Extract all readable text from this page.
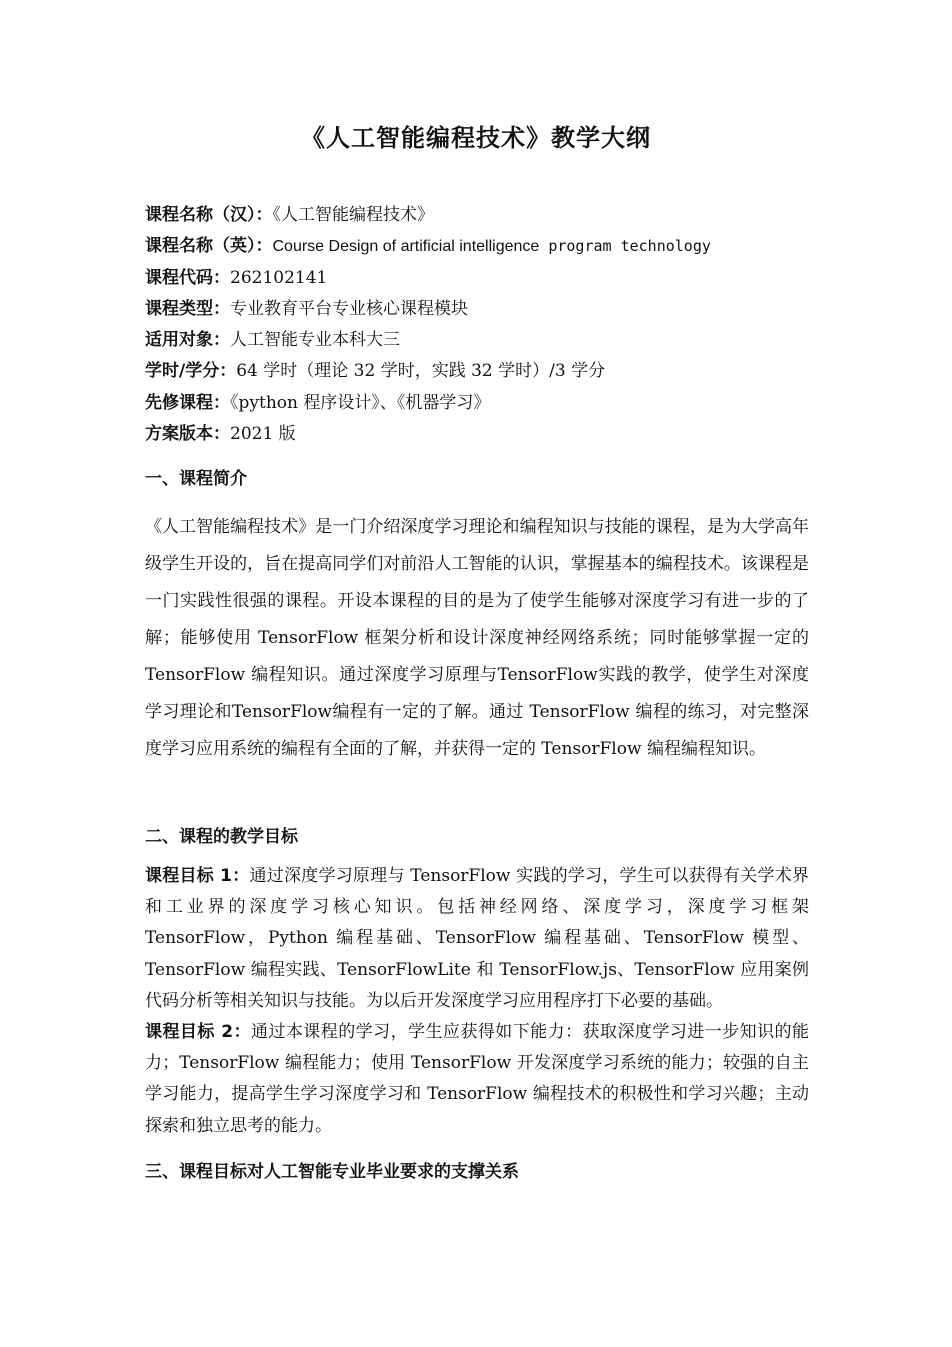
《人工智能编程技术》教学大纲
课程名称（汉）：《人工智能编程技术》
课程名称（英）：Course Design of artificial intelligence program technology
课程代码：262102141
课程类型：专业教育平台专业核心课程模块
适用对象：人工智能专业本科大三
学时/学分：64 学时（理论 32 学时，实践 32 学时）/3 学分
先修课程：《python 程序设计》、《机器学习》
方案版本：2021 版
一、课程简介

《人工智能编程技术》是一门介绍深度学习理论和编程知识与技能的课程，是为大学高年级学生开设的，旨在提高同学们对前沿人工智能的认识，掌握基本的编程技术。该课程是一门实践性很强的课程。开设本课程的目的是为了使学生能够对深度学习有进一步的了解；能够使用 TensorFlow 框架分析和设计深度神经网络系统；同时能够掌握一定的 TensorFlow 编程知识。通过深度学习原理与TensorFlow实践的教学，使学生对深度学习理论和TensorFlow编程有一定的了解。通过 TensorFlow 编程的练习，对完整深度学习应用系统的编程有全面的了解，并获得一定的 TensorFlow 编程编程知识。

二、课程的教学目标
课程目标 1：通过深度学习原理与 TensorFlow 实践的学习，学生可以获得有关学术界和工业界的深度学习核心知识。包括神经网络、深度学习，深度学习框架 TensorFlow，Python 编程基础、TensorFlow 编程基础、TensorFlow 模型、TensorFlow 编程实践、TensorFlowLite 和 TensorFlow.js、TensorFlow 应用案例代码分析等相关知识与技能。为以后开发深度学习应用程序打下必要的基础。
课程目标 2：通过本课程的学习，学生应获得如下能力：获取深度学习进一步知识的能力；TensorFlow 编程能力；使用 TensorFlow 开发深度学习系统的能力；较强的自主学习能力，提高学生学习深度学习和 TensorFlow 编程技术的积极性和学习兴趣；主动探索和独立思考的能力。
三、课程目标对人工智能专业毕业要求的支撑关系
